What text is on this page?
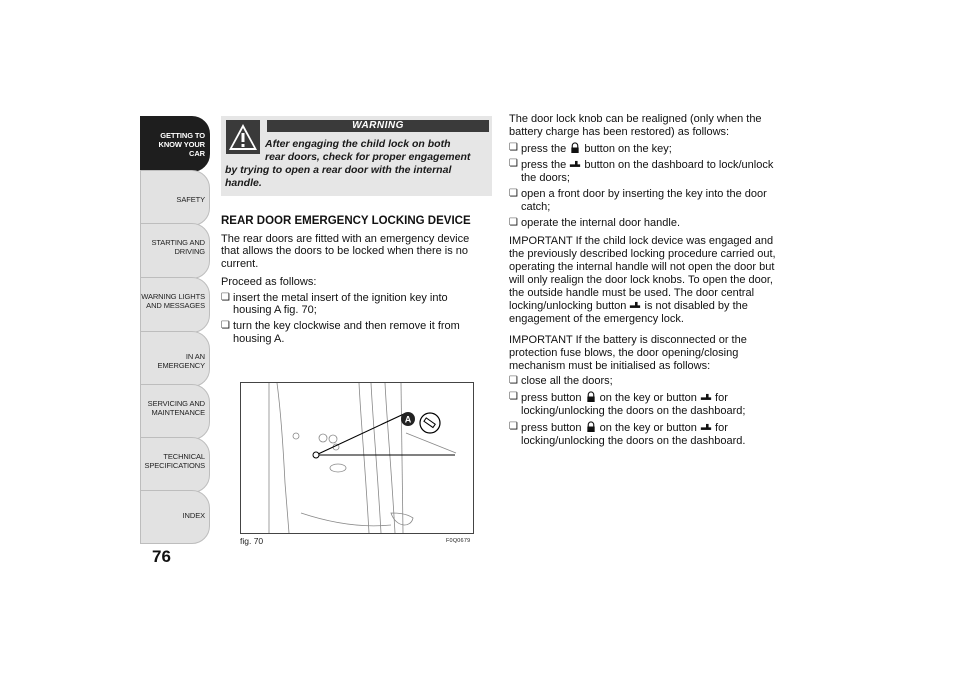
GETTING TO
KNOW YOUR CAR
SAFETY
STARTING AND
DRIVING
WARNING LIGHTS
AND MESSAGES
IN AN EMERGENCY
SERVICING AND
MAINTENANCE
TECHNICAL
SPECIFICATIONS
INDEX
76
WARNING
After engaging the child lock on both
rear doors, check for proper engagement
by trying to open a rear door with the internal handle.
REAR DOOR EMERGENCY LOCKING DEVICE

The rear doors are fitted with an emergency device that allows the doors to be locked when there is no current.

Proceed as follows:

❏ insert the metal insert of the ignition key into housing A fig. 70;
❏ turn the key clockwise and then remove it from housing A.
A
fig. 70	F0Q0679

The door lock knob can be realigned (only when the battery charge has been restored) as follows:

❏ press the button on the key;
❏ press the button on the dashboard to lock/unlock the doors;
❏ open a front door by inserting the key into the door catch;
❏ operate the internal door handle.

IMPORTANT If the child lock device was engaged and the previously described locking procedure carried out, operating the internal handle will not open the door but will only realign the door lock knobs. To open the door, the outside handle must be used. The door central locking/unlocking button is not disabled by the engagement of the emergency lock.

IMPORTANT If the battery is disconnected or the protection fuse blows, the door opening/closing mechanism must be initialised as follows:

❏ close all the doors;
❏ press button on the key or button for locking/unlocking the doors on the dashboard;
❏ press button on the key or button for locking/unlocking the doors on the dashboard.
